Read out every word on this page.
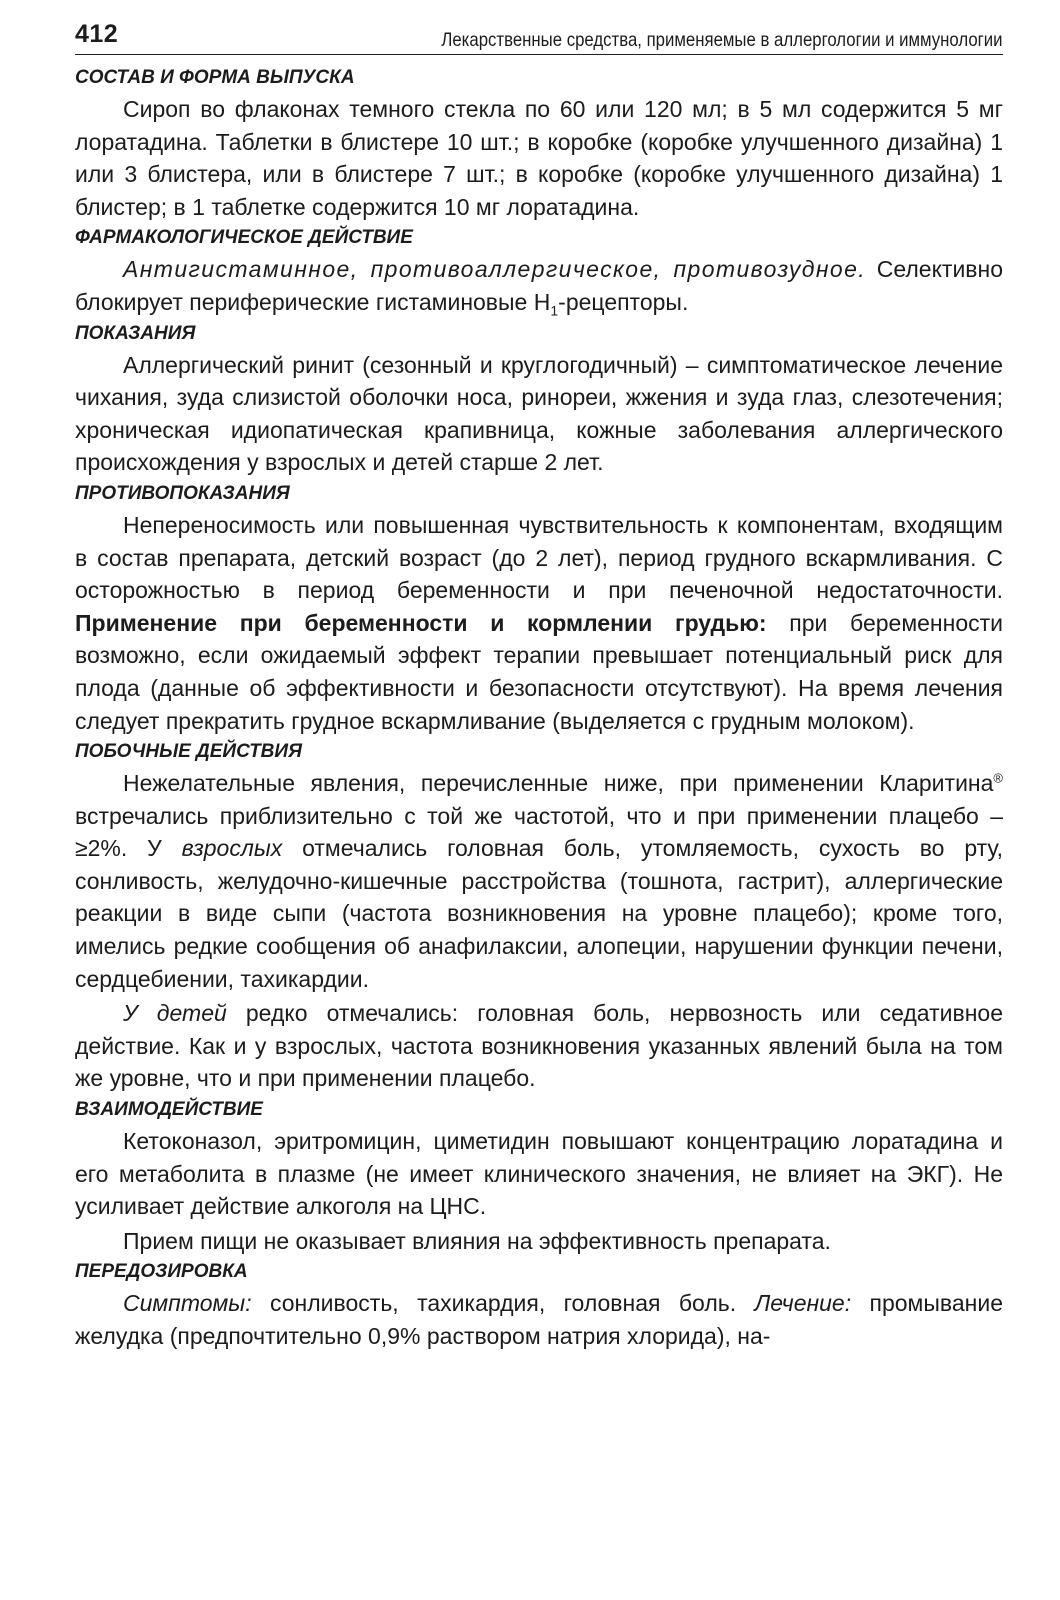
412	Лекарственные средства, применяемые в аллергологии и иммунологии
СОСТАВ И ФОРМА ВЫПУСКА

Сироп во флаконах темного стекла по 60 или 120 мл; в 5 мл содержится 5 мг лоратадина. Таблетки в блистере 10 шт.; в коробке (коробке улучшенного дизайна) 1 или 3 блистера, или в блистере 7 шт.; в коробке (коробке улучшенного дизайна) 1 блистер; в 1 таблетке содержится 10 мг лоратадина.

ФАРМАКОЛОГИЧЕСКОЕ ДЕЙСТВИЕ

Антигистаминное, противоаллергическое, противозудное. Селективно блокирует периферические гистаминовые $Н_1$-рецепторы.

ПОКАЗАНИЯ

Аллергический ринит (сезонный и круглогодичный) – симптоматическое лечение чихания, зуда слизистой оболочки носа, ринореи, жжения и зуда глаз, слезотечения; хроническая идиопатическая крапивница, кожные заболевания аллергического происхождения у взрослых и детей старше 2 лет.

ПРОТИВОПОКАЗАНИЯ

Непереносимость или повышенная чувствительность к компонентам, входящим в состав препарата, детский возраст (до 2 лет), период грудного вскармливания. С осторожностью в период беременности и при печеночной недостаточности. Применение при беременности и кормлении грудью: при беременности возможно, если ожидаемый эффект терапии превышает потенциальный риск для плода (данные об эффективности и безопасности отсутствуют). На время лечения следует прекратить грудное вскармливание (выделяется с грудным молоком).

ПОБОЧНЫЕ ДЕЙСТВИЯ

Нежелательные явления, перечисленные ниже, при применении Кларитина® встречались приблизительно с той же частотой, что и при применении плацебо – ≥2%. У взрослых отмечались головная боль, утомляемость, сухость во рту, сонливость, желудочно-кишечные расстройства (тошнота, гастрит), аллергические реакции в виде сыпи (частота возникновения на уровне плацебо); кроме того, имелись редкие сообщения об анафилаксии, алопеции, нарушении функции печени, сердцебиении, тахикардии.

У детей редко отмечались: головная боль, нервозность или седативное действие. Как и у взрослых, частота возникновения указанных явлений была на том же уровне, что и при применении плацебо.

ВЗАИМОДЕЙСТВИЕ

Кетоконазол, эритромицин, циметидин повышают концентрацию лоратадина и его метаболита в плазме (не имеет клинического значения, не влияет на ЭКГ). Не усиливает действие алкоголя на ЦНС.

Прием пищи не оказывает влияния на эффективность препарата.

ПЕРЕДОЗИРОВКА

Симптомы: сонливость, тахикардия, головная боль. Лечение: промывание желудка (предпочтительно 0,9% раствором натрия хлорида), на-
